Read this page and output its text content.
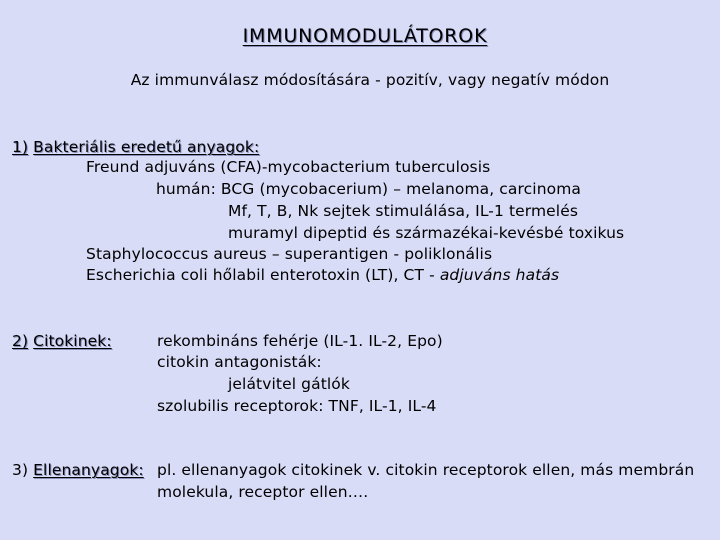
IMMUNOMODULÁTOROK
Az immunválasz módosítására - pozitív, vagy negatív módon
1) Bakteriális eredetű anyagok:
Freund adjuváns (CFA)-mycobacterium tuberculosis
humán: BCG (mycobacerium) – melanoma, carcinoma
Mf, T, B, Nk sejtek stimulálása, IL-1 termelés
muramyl dipeptid és származékai-kevésbé toxikus
Staphylococcus aureus – superantigen - poliklonális
Escherichia coli hőlabil enterotoxin (LT), CT - adjuváns hatás
2) Citokinek:	rekombináns fehérje (IL-1. IL-2, Epo)
citokin antagonisták:
jelátvitel gátlók
szolubilis receptorok: TNF, IL-1, IL-4
3) Ellenanyagok: pl. ellenanyagok citokinek v. citokin receptorok ellen, más membrán
molekula, receptor ellen….
